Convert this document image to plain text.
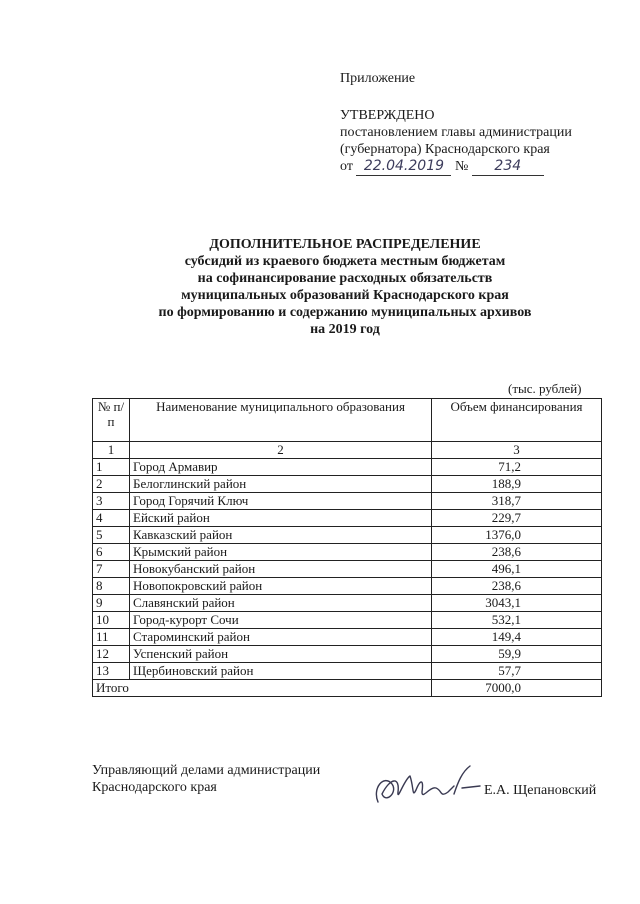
Приложение
УТВЕРЖДЕНО
постановлением главы администрации
(губернатора) Краснодарского края
от 22.04.2019 № 234
ДОПОЛНИТЕЛЬНОЕ РАСПРЕДЕЛЕНИЕ
субсидий из краевого бюджета местным бюджетам
на софинансирование расходных обязательств
муниципальных образований Краснодарского края
по формированию и содержанию муниципальных архивов
на 2019 год
(тыс. рублей)
№ п/п	Наименование муниципального образования	Объем финансирования
1	2	3
1	Город Армавир	71,2
2	Белоглинский район	188,9
3	Город Горячий Ключ	318,7
4	Ейский район	229,7
5	Кавказский район	1376,0
6	Крымский район	238,6
7	Новокубанский район	496,1
8	Новопокровский район	238,6
9	Славянский район	3043,1
10	Город-курорт Сочи	532,1
11	Староминский район	149,4
12	Успенский район	59,9
13	Щербиновский район	57,7
Итого		7000,0
Управляющий делами администрации
Краснодарского края	Е.А. Щепановский
